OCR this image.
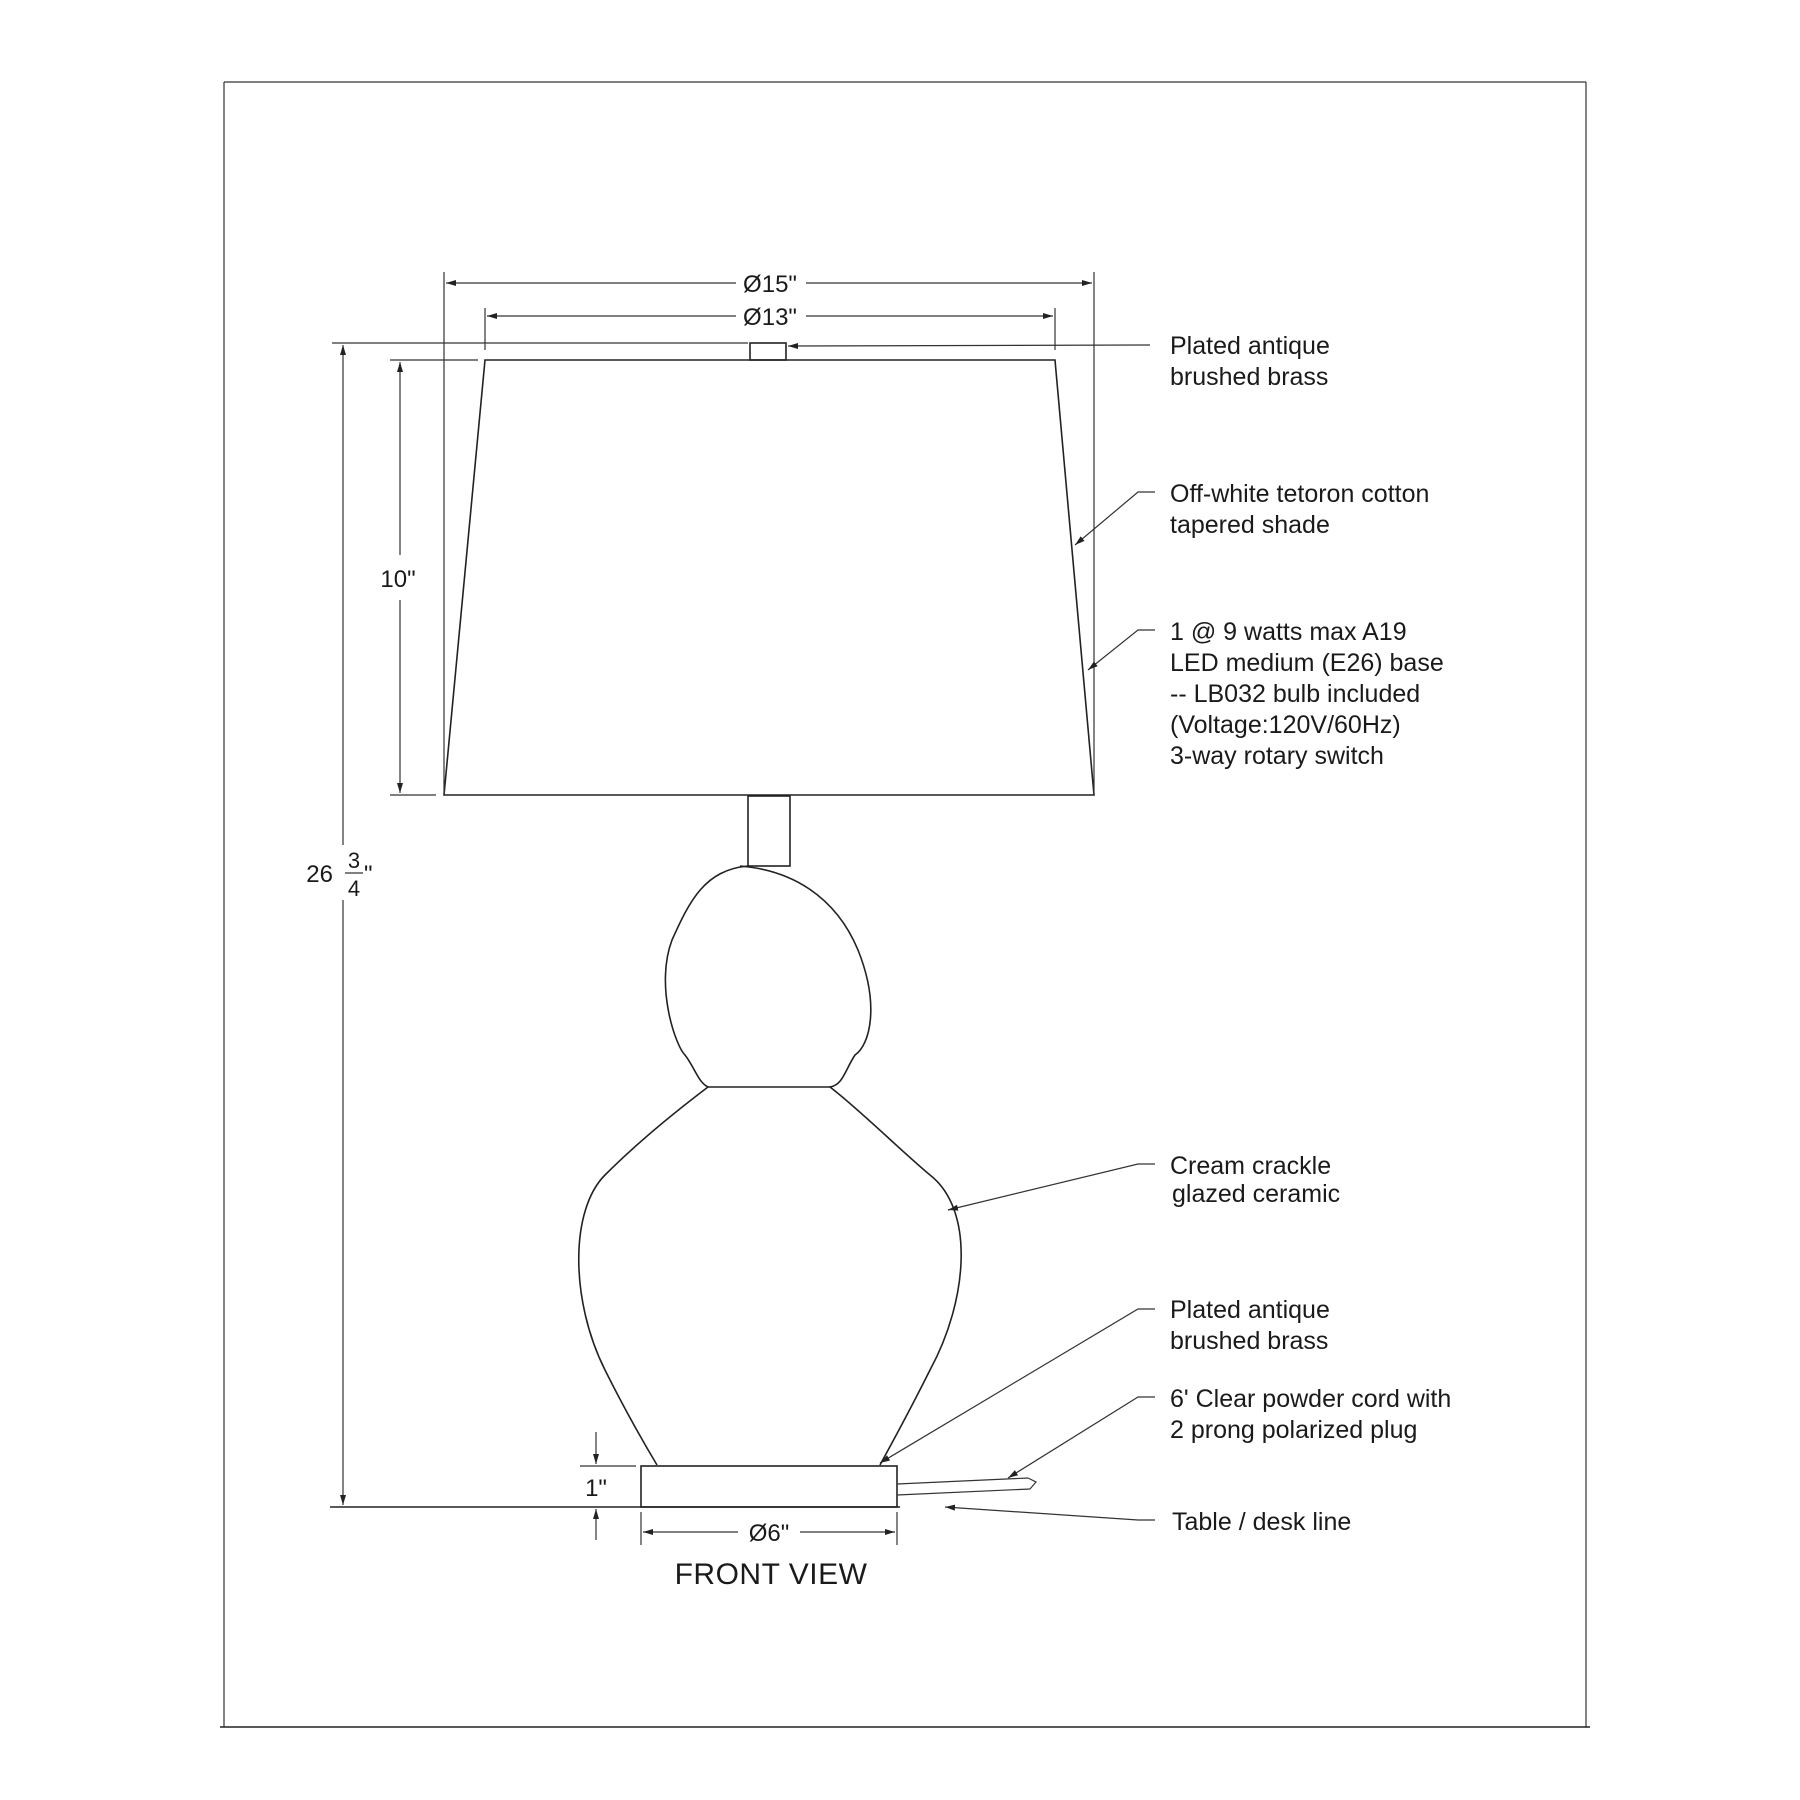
Ø15"
Ø13"
10"
26
3
4
"
1"
Ø6"
Plated antique brushed brass
Off-white tetoron cotton tapered shade
1 @ 9 watts max A19 LED medium (E26) base -- LB032 bulb included (Voltage:120V/60Hz) 3-way rotary switch
Cream crackle glazed ceramic
Plated antique brushed brass
6' Clear powder cord with 2 prong polarized plug
Table / desk line
FRONT VIEW
